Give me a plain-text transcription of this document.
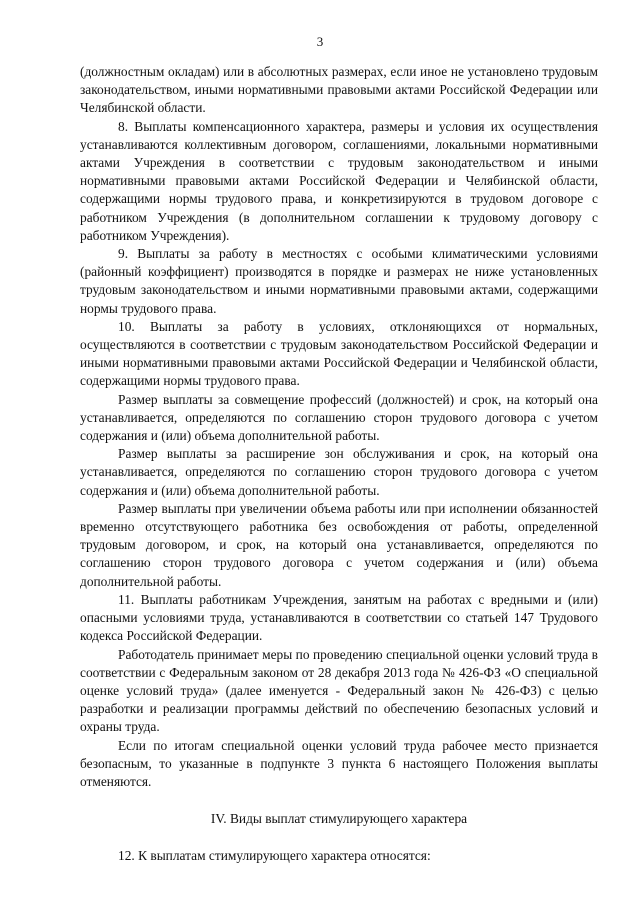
3

(должностным окладам) или в абсолютных размерах, если иное не установлено трудовым законодательством, иными нормативными правовыми актами Российской Федерации или Челябинской области.

8. Выплаты компенсационного характера, размеры и условия их осуществления устанавливаются коллективным договором, соглашениями, локальными нормативными актами Учреждения в соответствии с трудовым законодательством и иными нормативными правовыми актами Российской Федерации и Челябинской области, содержащими нормы трудового права, и конкретизируются в трудовом договоре с работником Учреждения (в дополнительном соглашении к трудовому договору с работником Учреждения).

9. Выплаты за работу в местностях с особыми климатическими условиями (районный коэффициент) производятся в порядке и размерах не ниже установленных трудовым законодательством и иными нормативными правовыми актами, содержащими нормы трудового права.

10. Выплаты за работу в условиях, отклоняющихся от нормальных, осуществляются в соответствии с трудовым законодательством Российской Федерации и иными нормативными правовыми актами Российской Федерации и Челябинской области, содержащими нормы трудового права.

Размер выплаты за совмещение профессий (должностей) и срок, на который она устанавливается, определяются по соглашению сторон трудового договора с учетом содержания и (или) объема дополнительной работы.

Размер выплаты за расширение зон обслуживания и срок, на который она устанавливается, определяются по соглашению сторон трудового договора с учетом содержания и (или) объема дополнительной работы.

Размер выплаты при увеличении объема работы или при исполнении обязанностей временно отсутствующего работника без освобождения от работы, определенной трудовым договором, и срок, на который она устанавливается, определяются по соглашению сторон трудового договора с учетом содержания и (или) объема дополнительной работы.

11. Выплаты работникам Учреждения, занятым на работах с вредными и (или) опасными условиями труда, устанавливаются в соответствии со статьей 147 Трудового кодекса Российской Федерации.

Работодатель принимает меры по проведению специальной оценки условий труда в соответствии с Федеральным законом от 28 декабря 2013 года № 426-ФЗ «О специальной оценке условий труда» (далее именуется - Федеральный закон № 426-ФЗ) с целью разработки и реализации программы действий по обеспечению безопасных условий и охраны труда.

Если по итогам специальной оценки условий труда рабочее место признается безопасным, то указанные в подпункте 3 пункта 6 настоящего Положения выплаты отменяются.

IV. Виды выплат стимулирующего характера

12. К выплатам стимулирующего характера относятся:
